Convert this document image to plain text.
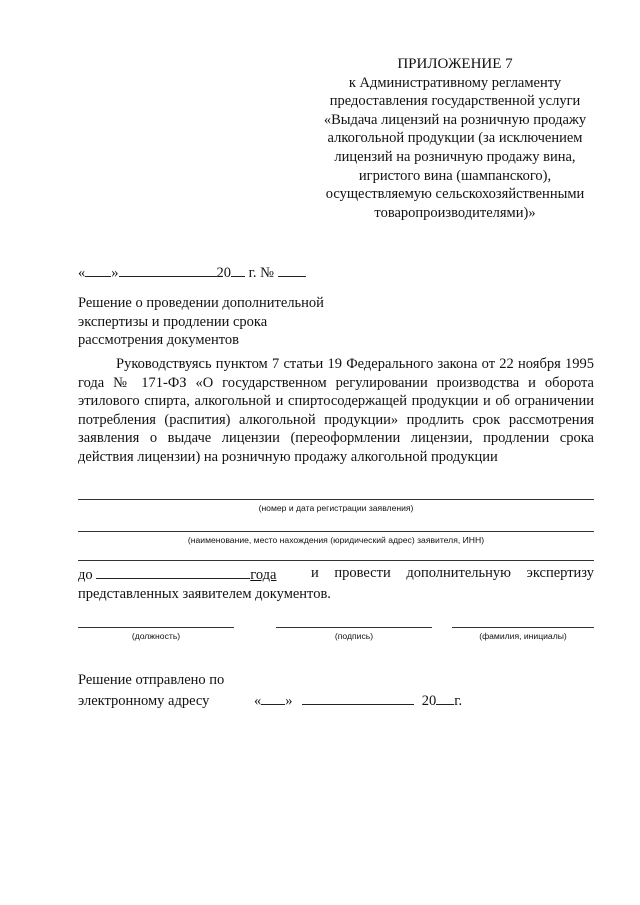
ПРИЛОЖЕНИЕ 7
к Административному регламенту
предоставления государственной услуги
«Выдача лицензий на розничную продажу
алкогольной продукции (за исключением
лицензий на розничную продажу вина,
игристого вина (шампанского),
осуществляемую сельскохозяйственными
товаропроизводителями)»
« »	20 г. №
Решение о проведении дополнительной
экспертизы и продлении срока
рассмотрения документов
Руководствуясь пунктом 7 статьи 19 Федерального закона от 22 ноября 1995 года № 171-ФЗ «О государственном регулировании производства и оборота этилового спирта, алкогольной и спиртосодержащей продукции и об ограничении потребления (распития) алкогольной продукции» продлить срок рассмотрения заявления о выдаче лицензии (переоформлении лицензии, продлении срока действия лицензии) на розничную продажу алкогольной продукции
(номер и дата регистрации заявления)
(наименование, место нахождения (юридический адрес) заявителя, ИНН)
до	года и провести дополнительную экспертизу
представленных заявителем документов.
(должность)	(подпись)	(фамилия, инициалы)
Решение отправлено по
электронному адресу	« »	20 г.
